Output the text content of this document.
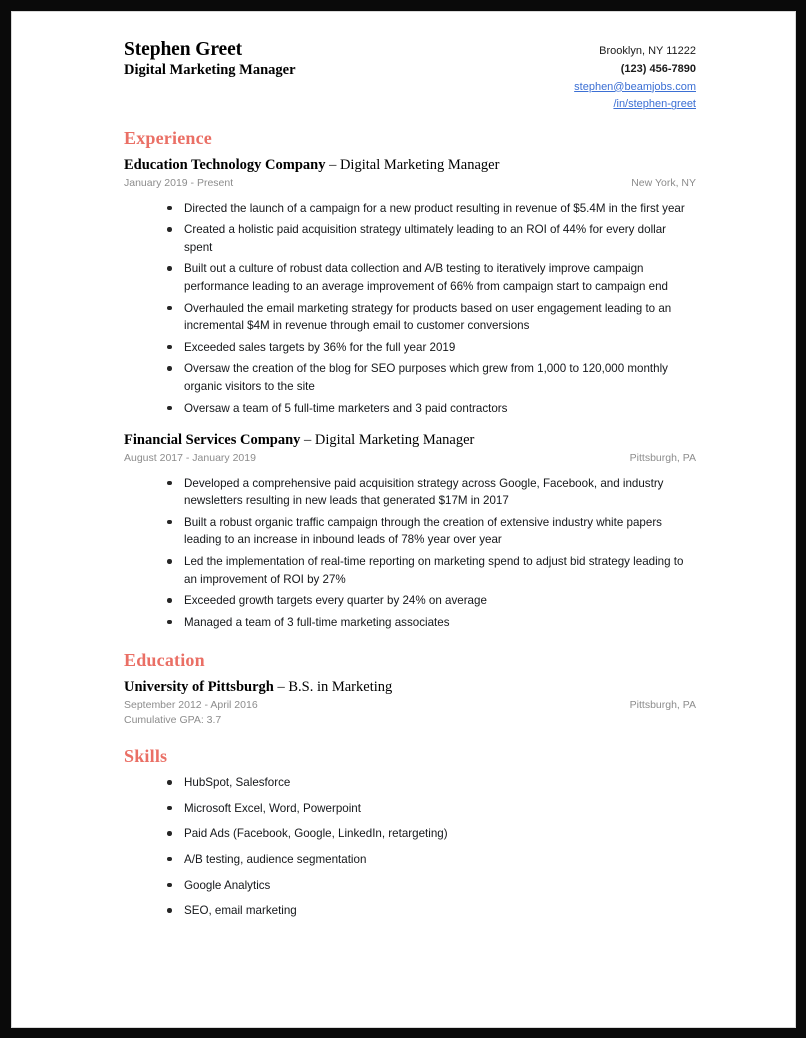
Stephen Greet
Digital Marketing Manager
Brooklyn, NY 11222
(123) 456-7890
stephen@beamjobs.com
/in/stephen-greet
Experience
Education Technology Company – Digital Marketing Manager
January 2019 - Present	New York, NY
Directed the launch of a campaign for a new product resulting in revenue of $5.4M in the first year
Created a holistic paid acquisition strategy ultimately leading to an ROI of 44% for every dollar spent
Built out a culture of robust data collection and A/B testing to iteratively improve campaign performance leading to an average improvement of 66% from campaign start to campaign end
Overhauled the email marketing strategy for products based on user engagement leading to an incremental $4M in revenue through email to customer conversions
Exceeded sales targets by 36% for the full year 2019
Oversaw the creation of the blog for SEO purposes which grew from 1,000 to 120,000 monthly organic visitors to the site
Oversaw a team of 5 full-time marketers and 3 paid contractors
Financial Services Company – Digital Marketing Manager
August 2017 - January 2019	Pittsburgh, PA
Developed a comprehensive paid acquisition strategy across Google, Facebook, and industry newsletters resulting in new leads that generated $17M in 2017
Built a robust organic traffic campaign through the creation of extensive industry white papers leading to an increase in inbound leads of 78% year over year
Led the implementation of real-time reporting on marketing spend to adjust bid strategy leading to an improvement of ROI by 27%
Exceeded growth targets every quarter by 24% on average
Managed a team of 3 full-time marketing associates
Education
University of Pittsburgh – B.S. in Marketing
September 2012 - April 2016	Pittsburgh, PA
Cumulative GPA: 3.7
Skills
HubSpot, Salesforce
Microsoft Excel, Word, Powerpoint
Paid Ads (Facebook, Google, LinkedIn, retargeting)
A/B testing, audience segmentation
Google Analytics
SEO, email marketing
